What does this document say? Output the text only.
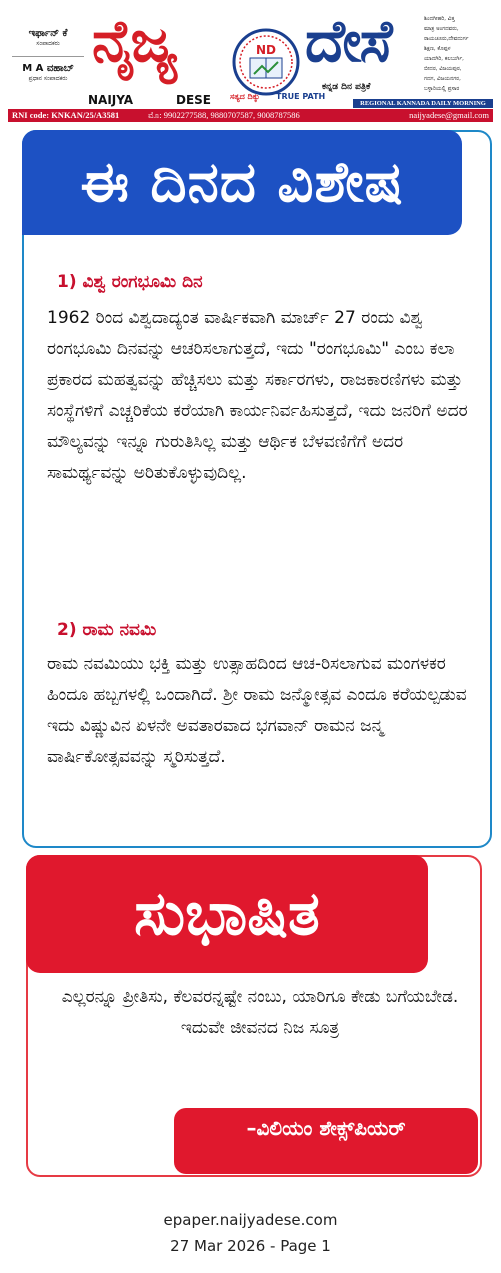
ಇರ್ಫಾನ್ ಕೆ
ಸಂಪಾದಕರು
M A ವಹಾಬ್
ಪ್ರಧಾನ ಸಂಪಾದಕರು
ನೈಜ್ಯ ದೇಸೆ
NAIJYA	DESE
ND
ಸತ್ಯದ ದಿಕ್ಕು TRUE PATH
ಕನ್ನಡ ದಿನ ಪತ್ರಿಕೆ
ಶಿಂದಗೀಹರಿ, ವಿತ್ತ
ಮಾತ್ರ ಅಂಗದವರು,
ರಾಯಚೂರು,ದೇವದುರ್ಗ
ಶಿಕ್ಷಣ, ಕೊಪ್ಪಳ
ಯಾದಗಿರಿ, ಕಲಬುರ್ಗಿ,
ಬೀದರ, ವಿಜಯಪುರ,
ಗದಗ, ವಿಜಯನಗರ,
ಬಳ್ಳಾರಿಯಲ್ಲಿ ಪ್ರಸಾರ
REGIONAL KANNADA DAILY MORNING
RNI code: KNKAN/25/A3581	ಮೊ: 9902277588, 9880707587, 9008787586	naijyadese@gmail.com
ಈ ದಿನದ ವಿಶೇಷ
1) ವಿಶ್ವ ರಂಗಭೂಮಿ ದಿನ
1962 ರಿಂದ ವಿಶ್ವದಾದ್ಯಂತ ವಾರ್ಷಿಕವಾಗಿ ಮಾರ್ಚ್ 27 ರಂದು ವಿಶ್ವ ರಂಗಭೂಮಿ ದಿನವನ್ನು ಆಚರಿಸಲಾಗುತ್ತದೆ, ಇದು "ರಂಗಭೂಮಿ" ಎಂಬ ಕಲಾ ಪ್ರಕಾರದ ಮಹತ್ವವನ್ನು ಹೆಚ್ಚಿಸಲು ಮತ್ತು ಸರ್ಕಾರಗಳು, ರಾಜಕಾರಣಿಗಳು ಮತ್ತು ಸಂಸ್ಥೆಗಳಿಗೆ ಎಚ್ಚರಿಕೆಯ ಕರೆಯಾಗಿ ಕಾರ್ಯನಿರ್ವಹಿಸುತ್ತದೆ, ಇದು ಜನರಿಗೆ ಅದರ ಮೌಲ್ಯವನ್ನು ಇನ್ನೂ ಗುರುತಿಸಿಲ್ಲ ಮತ್ತು ಆರ್ಥಿಕ ಬೆಳವಣಿಗೆಗೆ ಅದರ ಸಾಮರ್ಥ್ಯವನ್ನು ಅರಿತುಕೊಳ್ಳುವುದಿಲ್ಲ.
2) ರಾಮ ನವಮಿ
ರಾಮ ನವಮಿಯು ಭಕ್ತಿ ಮತ್ತು ಉತ್ಸಾಹದಿಂದ ಆಚ-ರಿಸಲಾಗುವ ಮಂಗಳಕರ ಹಿಂದೂ ಹಬ್ಬಗಳಲ್ಲಿ ಒಂದಾಗಿದೆ. ಶ್ರೀ ರಾಮ ಜನ್ಮೋತ್ಸವ ಎಂದೂ ಕರೆಯಲ್ಪಡುವ ಇದು ವಿಷ್ಣುವಿನ ಏಳನೇ ಅವತಾರವಾದ ಭಗವಾನ್ ರಾಮನ ಜನ್ಮ ವಾರ್ಷಿಕೋತ್ಸವವನ್ನು ಸ್ಮರಿಸುತ್ತದೆ.
ಸುಭಾಷಿತ
ಎಲ್ಲರನ್ನೂ ಪ್ರೀತಿಸು, ಕೆಲವರನ್ನಷ್ಟೇ ನಂಬು, ಯಾರಿಗೂ ಕೇಡು ಬಗೆಯಬೇಡ. ಇದುವೇ ಜೀವನದ ನಿಜ ಸೂತ್ರ
–ವಿಲಿಯಂ ಶೇಕ್ಸ್‌ಪಿಯರ್
epaper.naijyadese.com
27 Mar 2026 - Page 1
